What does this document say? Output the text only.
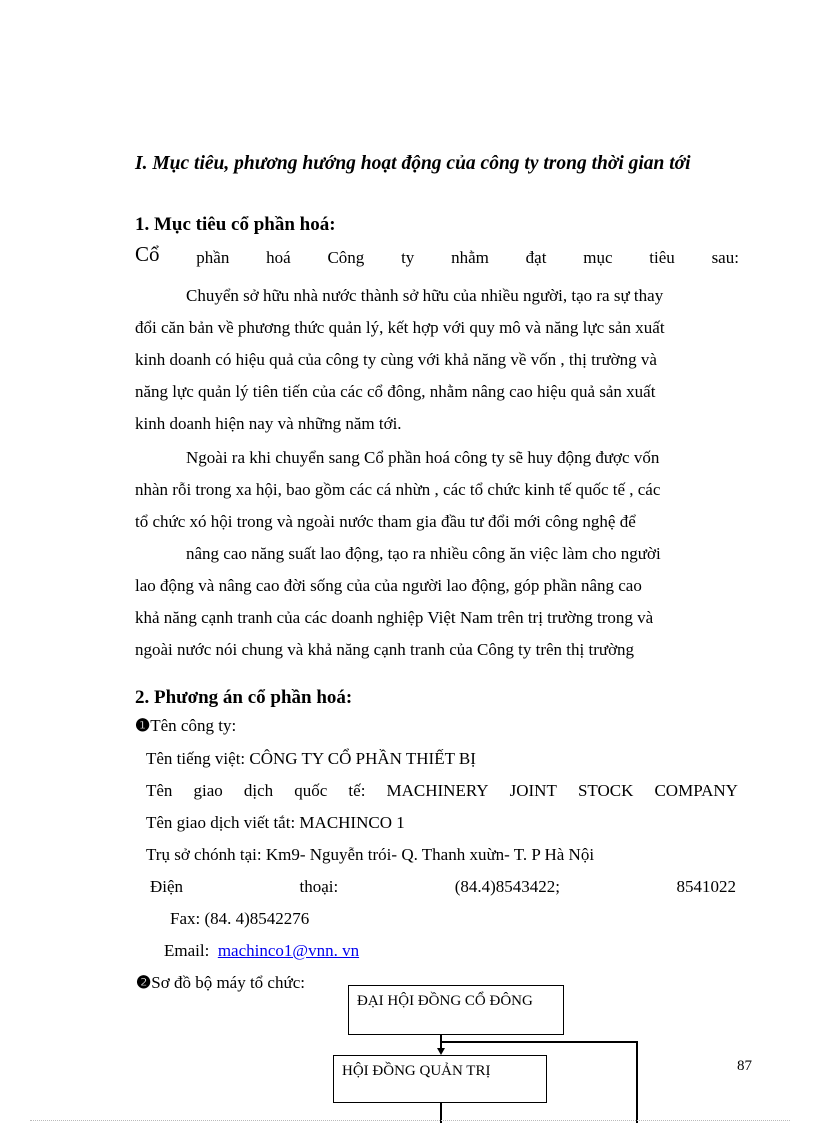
I. Mục tiêu, phương hướng hoạt động của công ty trong thời gian tới
1. Mục tiêu cổ phần hoá:
Cổ phần hoá Công ty nhằm đạt mục tiêu sau:
Chuyển sở hữu nhà nước thành sở hữu của nhiều người, tạo ra sự thay
đổi căn bản về phương thức quản lý, kết hợp với quy mô và năng lực sản xuất
kinh doanh có hiệu quả của công ty cùng với khả năng về vốn , thị trường và
năng lực quản lý tiên tiến của các cổ đông, nhằm nâng cao hiệu quả sản xuất
kinh doanh hiện nay và những năm tới.
Ngoài ra khi chuyển sang Cổ phần hoá công ty sẽ huy động được vốn
nhàn rỗi trong xa hội, bao gồm các cá nhừn , các tổ chức kinh tế quốc tế , các
tổ chức xó hội trong và ngoài nước tham gia đầu tư đổi mới công nghệ để
nâng cao năng suất lao động, tạo ra nhiều công ăn việc làm cho người
lao động và nâng cao đời sống của của người lao động, góp phần nâng cao
khả năng cạnh tranh của các doanh nghiệp Việt Nam trên trị trường trong và
ngoài nước nói chung và khả năng cạnh tranh của Công ty trên thị trường
2. Phương án cổ phần hoá:
❶Tên công ty:
Tên tiếng việt: CÔNG TY CỔ PHẦN THIẾT BỊ
Tên giao dịch quốc tế: MACHINERY JOINT STOCK COMPANY
Tên giao dịch viết tắt: MACHINCO 1
Trụ sở chónh tại: Km9- Nguyễn trói- Q. Thanh xuừn- T. P Hà Nội
Điện	thoại:	(84.4)8543422;	8541022
Fax: (84. 4)8542276
Email: machinco1@vnn. vn
❷Sơ đồ bộ máy tổ chức:
ĐẠI HỘI ĐỒNG CỔ ĐÔNG
HỘI ĐỒNG QUẢN TRỊ	87
